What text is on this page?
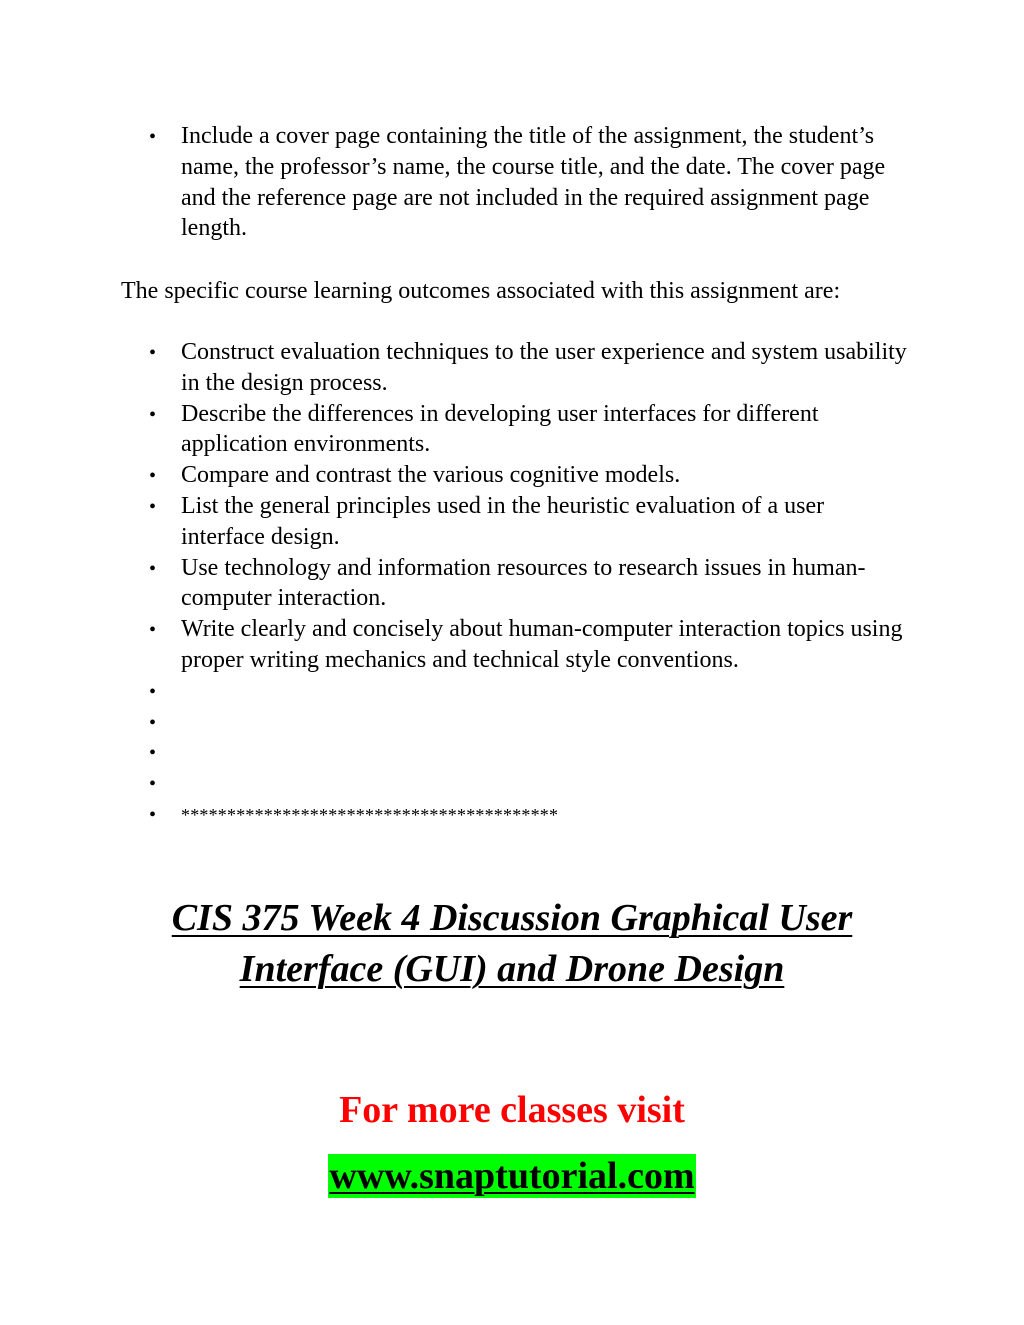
• Include a cover page containing the title of the assignment, the student’s name, the professor’s name, the course title, and the date. The cover page and the reference page are not included in the required assignment page length.

The specific course learning outcomes associated with this assignment are:

• Construct evaluation techniques to the user experience and system usability in the design process.
• Describe the differences in developing user interfaces for different application environments.
• Compare and contrast the various cognitive models.
• List the general principles used in the heuristic evaluation of a user interface design.
• Use technology and information resources to research issues in human-computer interaction.
• Write clearly and concisely about human-computer interaction topics using proper writing mechanics and technical style conventions.
•
•
•
•
• *****************************************
CIS 375 Week 4 Discussion Graphical User
Interface (GUI) and Drone Design

For more classes visit

www.snaptutorial.com
